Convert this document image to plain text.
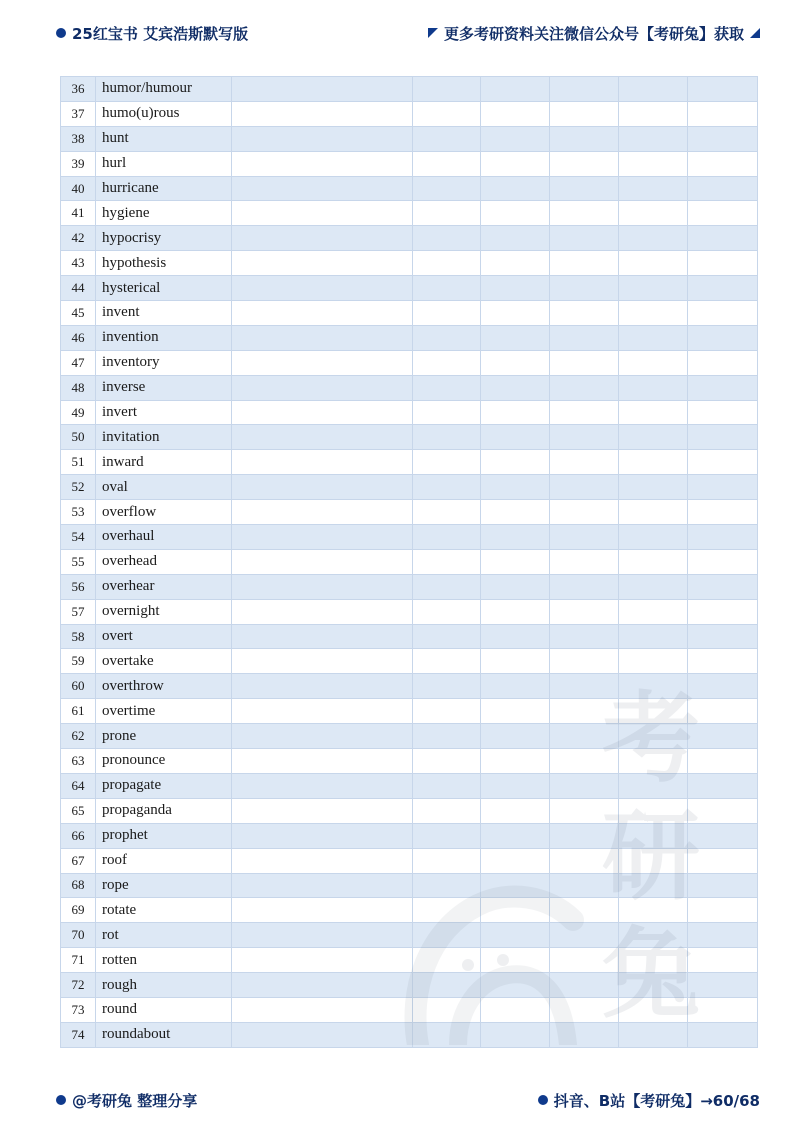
25红宝书 艾宾浩斯默写版	更多考研资料关注微信公众号【考研兔】获取
36	humor/humour						
37	humo(u)rous						
38	hunt						
39	hurl						
40	hurricane						
41	hygiene						
42	hypocrisy						
43	hypothesis						
44	hysterical						
45	invent						
46	invention						
47	inventory						
48	inverse						
49	invert						
50	invitation						
51	inward						
52	oval						
53	overflow						
54	overhaul						
55	overhead						
56	overhear						
57	overnight						
58	overt						
59	overtake						
60	overthrow						
61	overtime						
62	prone						
63	pronounce						
64	propagate						
65	propaganda						
66	prophet						
67	roof						
68	rope						
69	rotate						
70	rot						
71	rotten						
72	rough						
73	round						
74	roundabout						
@考研兔 整理分享	抖音、B站【考研兔】→60/68
